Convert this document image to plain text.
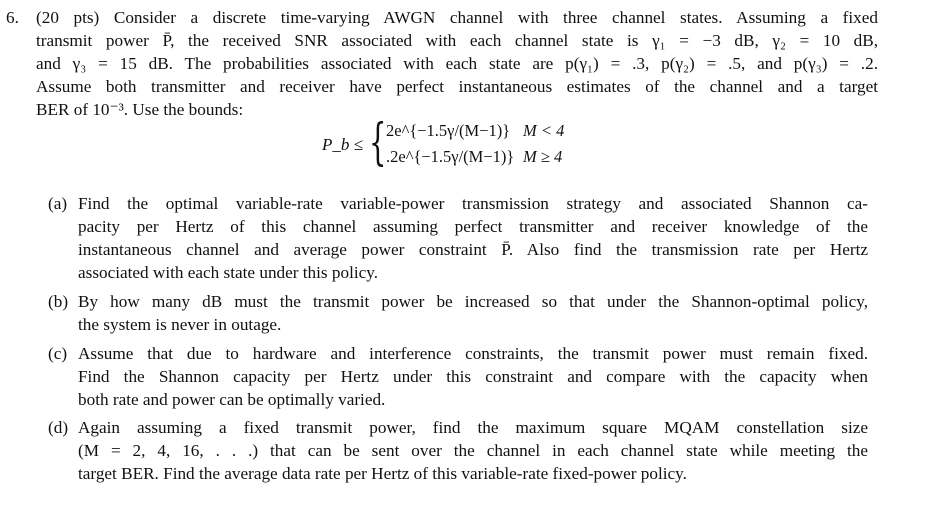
6. (20 pts) Consider a discrete time-varying AWGN channel with three channel states. Assuming a fixed
transmit power P̄, the received SNR associated with each channel state is γ₁ = −3 dB, γ₂ = 10 dB,
and γ₃ = 15 dB. The probabilities associated with each state are p(γ₁) = .3, p(γ₂) = .5, and p(γ₃) = .2.
Assume both transmitter and receiver have perfect instantaneous estimates of the channel and a target
BER of 10⁻³. Use the bounds:
P_b ≤ { 2e^{−1.5γ/(M−1)} M < 4
.2e^{−1.5γ/(M−1)} M ≥ 4
(a) Find the optimal variable-rate variable-power transmission strategy and associated Shannon ca-
pacity per Hertz of this channel assuming perfect transmitter and receiver knowledge of the
instantaneous channel and average power constraint P̄. Also find the transmission rate per Hertz
associated with each state under this policy.
(b) By how many dB must the transmit power be increased so that under the Shannon-optimal policy,
the system is never in outage.
(c) Assume that due to hardware and interference constraints, the transmit power must remain fixed.
Find the Shannon capacity per Hertz under this constraint and compare with the capacity when
both rate and power can be optimally varied.
(d) Again assuming a fixed transmit power, find the maximum square MQAM constellation size
(M = 2, 4, 16, . . .) that can be sent over the channel in each channel state while meeting the
target BER. Find the average data rate per Hertz of this variable-rate fixed-power policy.
